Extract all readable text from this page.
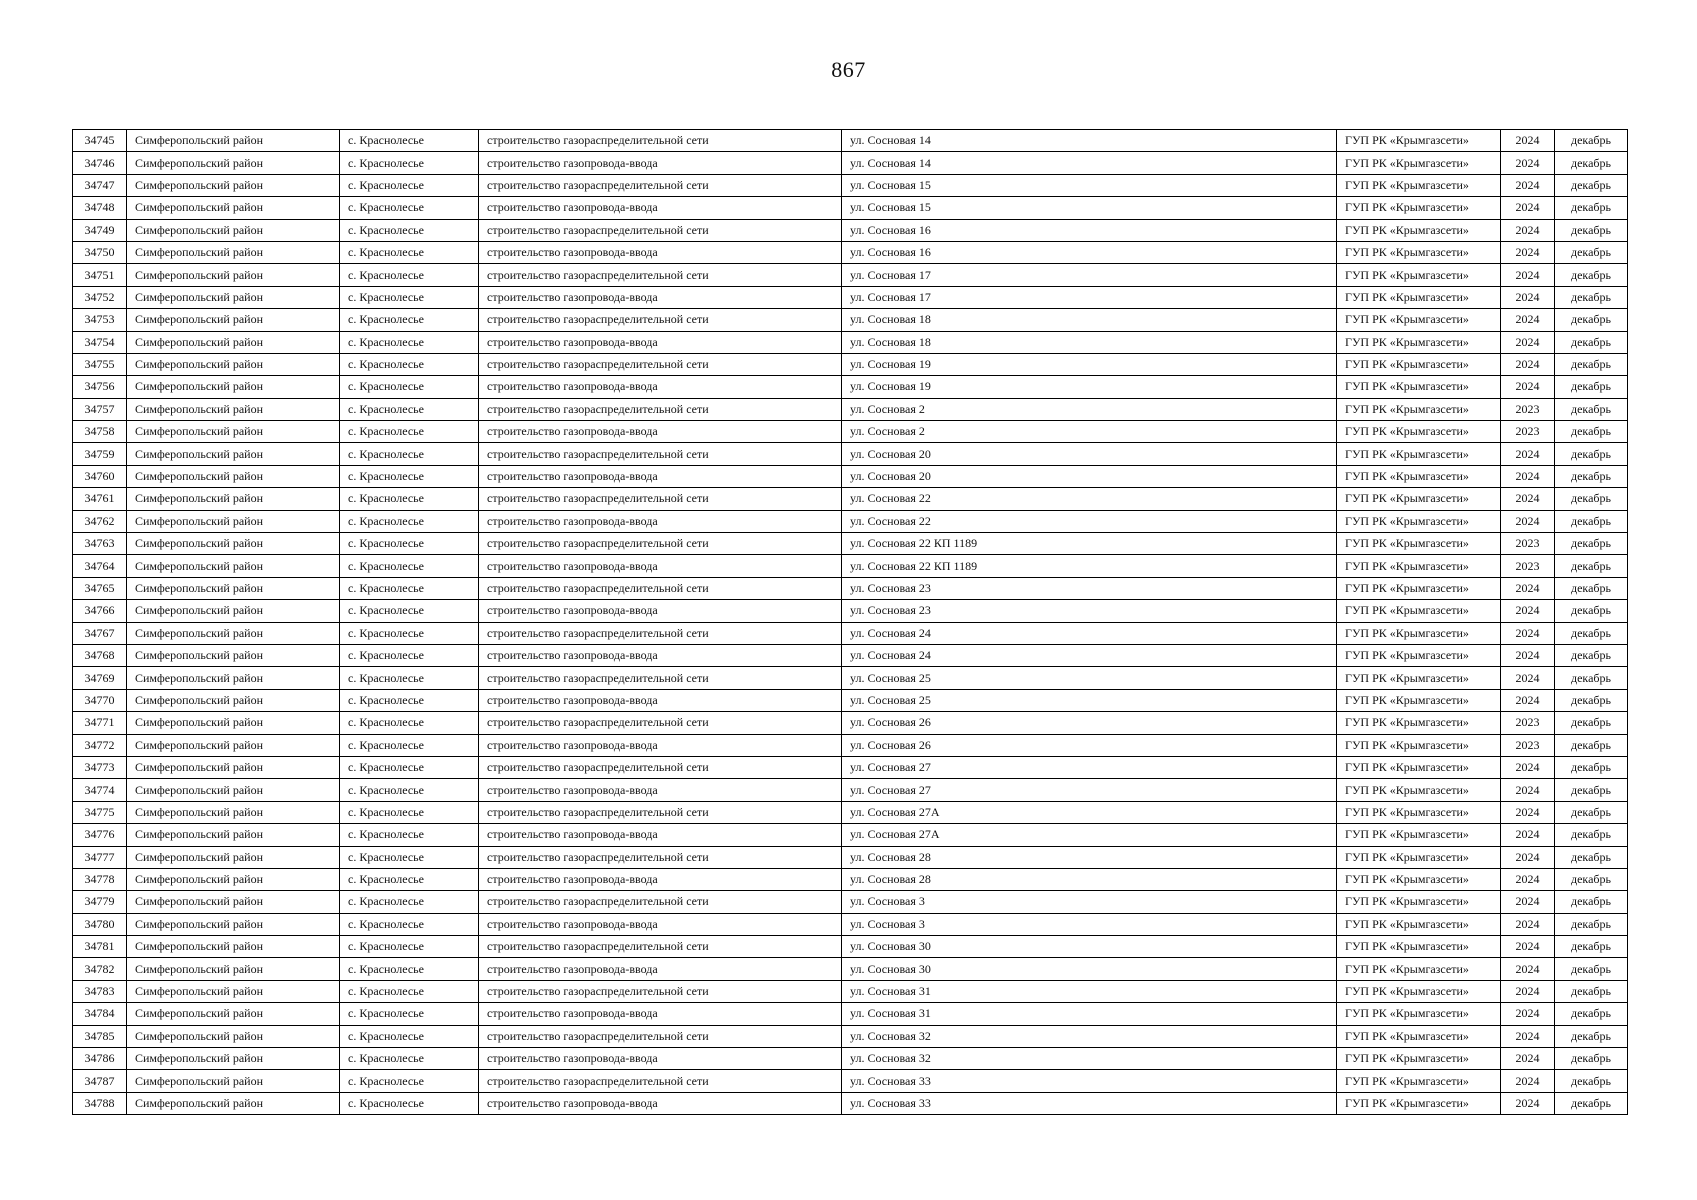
867
34745	Симферопольский район	с. Краснолесье	строительство газораспределительной сети	ул. Сосновая 14	ГУП РК «Крымгазсети»	2024	декабрь
34746	Симферопольский район	с. Краснолесье	строительство газопровода-ввода	ул. Сосновая 14	ГУП РК «Крымгазсети»	2024	декабрь
34747	Симферопольский район	с. Краснолесье	строительство газораспределительной сети	ул. Сосновая 15	ГУП РК «Крымгазсети»	2024	декабрь
34748	Симферопольский район	с. Краснолесье	строительство газопровода-ввода	ул. Сосновая 15	ГУП РК «Крымгазсети»	2024	декабрь
34749	Симферопольский район	с. Краснолесье	строительство газораспределительной сети	ул. Сосновая 16	ГУП РК «Крымгазсети»	2024	декабрь
34750	Симферопольский район	с. Краснолесье	строительство газопровода-ввода	ул. Сосновая 16	ГУП РК «Крымгазсети»	2024	декабрь
34751	Симферопольский район	с. Краснолесье	строительство газораспределительной сети	ул. Сосновая 17	ГУП РК «Крымгазсети»	2024	декабрь
34752	Симферопольский район	с. Краснолесье	строительство газопровода-ввода	ул. Сосновая 17	ГУП РК «Крымгазсети»	2024	декабрь
34753	Симферопольский район	с. Краснолесье	строительство газораспределительной сети	ул. Сосновая 18	ГУП РК «Крымгазсети»	2024	декабрь
34754	Симферопольский район	с. Краснолесье	строительство газопровода-ввода	ул. Сосновая 18	ГУП РК «Крымгазсети»	2024	декабрь
34755	Симферопольский район	с. Краснолесье	строительство газораспределительной сети	ул. Сосновая 19	ГУП РК «Крымгазсети»	2024	декабрь
34756	Симферопольский район	с. Краснолесье	строительство газопровода-ввода	ул. Сосновая 19	ГУП РК «Крымгазсети»	2024	декабрь
34757	Симферопольский район	с. Краснолесье	строительство газораспределительной сети	ул. Сосновая 2	ГУП РК «Крымгазсети»	2023	декабрь
34758	Симферопольский район	с. Краснолесье	строительство газопровода-ввода	ул. Сосновая 2	ГУП РК «Крымгазсети»	2023	декабрь
34759	Симферопольский район	с. Краснолесье	строительство газораспределительной сети	ул. Сосновая 20	ГУП РК «Крымгазсети»	2024	декабрь
34760	Симферопольский район	с. Краснолесье	строительство газопровода-ввода	ул. Сосновая 20	ГУП РК «Крымгазсети»	2024	декабрь
34761	Симферопольский район	с. Краснолесье	строительство газораспределительной сети	ул. Сосновая 22	ГУП РК «Крымгазсети»	2024	декабрь
34762	Симферопольский район	с. Краснолесье	строительство газопровода-ввода	ул. Сосновая 22	ГУП РК «Крымгазсети»	2024	декабрь
34763	Симферопольский район	с. Краснолесье	строительство газораспределительной сети	ул. Сосновая 22 КП 1189	ГУП РК «Крымгазсети»	2023	декабрь
34764	Симферопольский район	с. Краснолесье	строительство газопровода-ввода	ул. Сосновая 22 КП 1189	ГУП РК «Крымгазсети»	2023	декабрь
34765	Симферопольский район	с. Краснолесье	строительство газораспределительной сети	ул. Сосновая 23	ГУП РК «Крымгазсети»	2024	декабрь
34766	Симферопольский район	с. Краснолесье	строительство газопровода-ввода	ул. Сосновая 23	ГУП РК «Крымгазсети»	2024	декабрь
34767	Симферопольский район	с. Краснолесье	строительство газораспределительной сети	ул. Сосновая 24	ГУП РК «Крымгазсети»	2024	декабрь
34768	Симферопольский район	с. Краснолесье	строительство газопровода-ввода	ул. Сосновая 24	ГУП РК «Крымгазсети»	2024	декабрь
34769	Симферопольский район	с. Краснолесье	строительство газораспределительной сети	ул. Сосновая 25	ГУП РК «Крымгазсети»	2024	декабрь
34770	Симферопольский район	с. Краснолесье	строительство газопровода-ввода	ул. Сосновая 25	ГУП РК «Крымгазсети»	2024	декабрь
34771	Симферопольский район	с. Краснолесье	строительство газораспределительной сети	ул. Сосновая 26	ГУП РК «Крымгазсети»	2023	декабрь
34772	Симферопольский район	с. Краснолесье	строительство газопровода-ввода	ул. Сосновая 26	ГУП РК «Крымгазсети»	2023	декабрь
34773	Симферопольский район	с. Краснолесье	строительство газораспределительной сети	ул. Сосновая 27	ГУП РК «Крымгазсети»	2024	декабрь
34774	Симферопольский район	с. Краснолесье	строительство газопровода-ввода	ул. Сосновая 27	ГУП РК «Крымгазсети»	2024	декабрь
34775	Симферопольский район	с. Краснолесье	строительство газораспределительной сети	ул. Сосновая 27А	ГУП РК «Крымгазсети»	2024	декабрь
34776	Симферопольский район	с. Краснолесье	строительство газопровода-ввода	ул. Сосновая 27А	ГУП РК «Крымгазсети»	2024	декабрь
34777	Симферопольский район	с. Краснолесье	строительство газораспределительной сети	ул. Сосновая 28	ГУП РК «Крымгазсети»	2024	декабрь
34778	Симферопольский район	с. Краснолесье	строительство газопровода-ввода	ул. Сосновая 28	ГУП РК «Крымгазсети»	2024	декабрь
34779	Симферопольский район	с. Краснолесье	строительство газораспределительной сети	ул. Сосновая 3	ГУП РК «Крымгазсети»	2024	декабрь
34780	Симферопольский район	с. Краснолесье	строительство газопровода-ввода	ул. Сосновая 3	ГУП РК «Крымгазсети»	2024	декабрь
34781	Симферопольский район	с. Краснолесье	строительство газораспределительной сети	ул. Сосновая 30	ГУП РК «Крымгазсети»	2024	декабрь
34782	Симферопольский район	с. Краснолесье	строительство газопровода-ввода	ул. Сосновая 30	ГУП РК «Крымгазсети»	2024	декабрь
34783	Симферопольский район	с. Краснолесье	строительство газораспределительной сети	ул. Сосновая 31	ГУП РК «Крымгазсети»	2024	декабрь
34784	Симферопольский район	с. Краснолесье	строительство газопровода-ввода	ул. Сосновая 31	ГУП РК «Крымгазсети»	2024	декабрь
34785	Симферопольский район	с. Краснолесье	строительство газораспределительной сети	ул. Сосновая 32	ГУП РК «Крымгазсети»	2024	декабрь
34786	Симферопольский район	с. Краснолесье	строительство газопровода-ввода	ул. Сосновая 32	ГУП РК «Крымгазсети»	2024	декабрь
34787	Симферопольский район	с. Краснолесье	строительство газораспределительной сети	ул. Сосновая 33	ГУП РК «Крымгазсети»	2024	декабрь
34788	Симферопольский район	с. Краснолесье	строительство газопровода-ввода	ул. Сосновая 33	ГУП РК «Крымгазсети»	2024	декабрь
